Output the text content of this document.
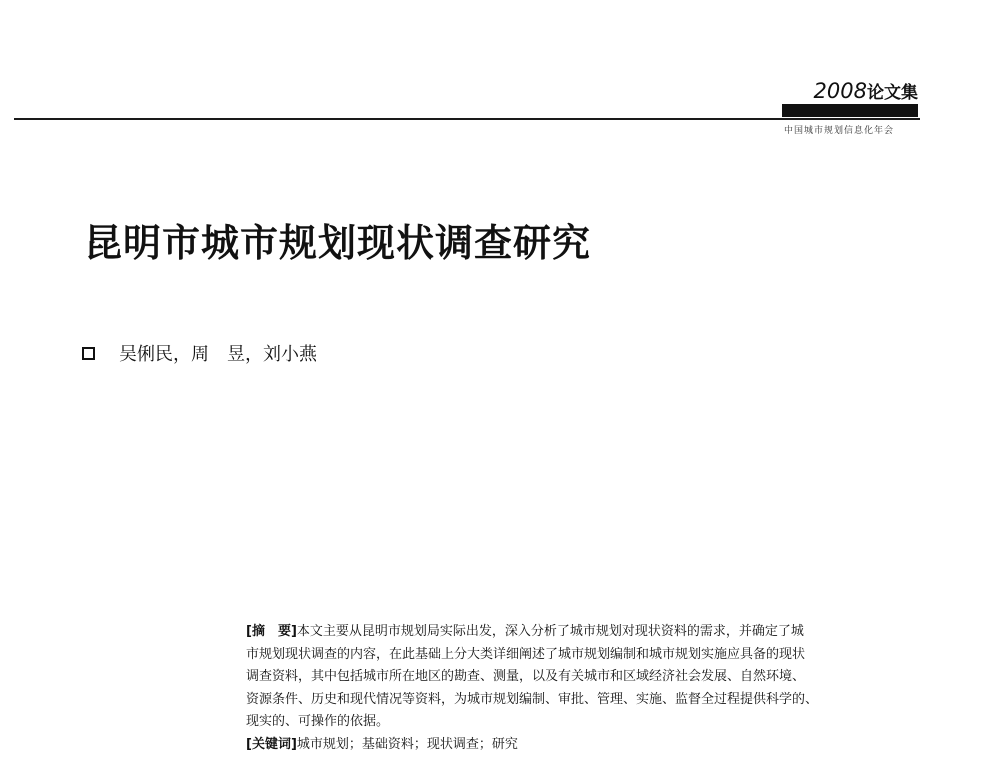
2008论文集
中国城市规划信息化年会
昆明市城市规划现状调查研究
吴俐民，周　昱，刘小燕

[摘　要]本文主要从昆明市规划局实际出发，深入分析了城市规划对现状资料的需求，并确定了城

市规划现状调查的内容，在此基础上分大类详细阐述了城市规划编制和城市规划实施应具备的现状

调查资料，其中包括城市所在地区的勘查、测量，以及有关城市和区域经济社会发展、自然环境、

资源条件、历史和现代情况等资料，为城市规划编制、审批、管理、实施、监督全过程提供科学的、

现实的、可操作的依据。

[关键词]城市规划；基础资料；现状调查；研究
